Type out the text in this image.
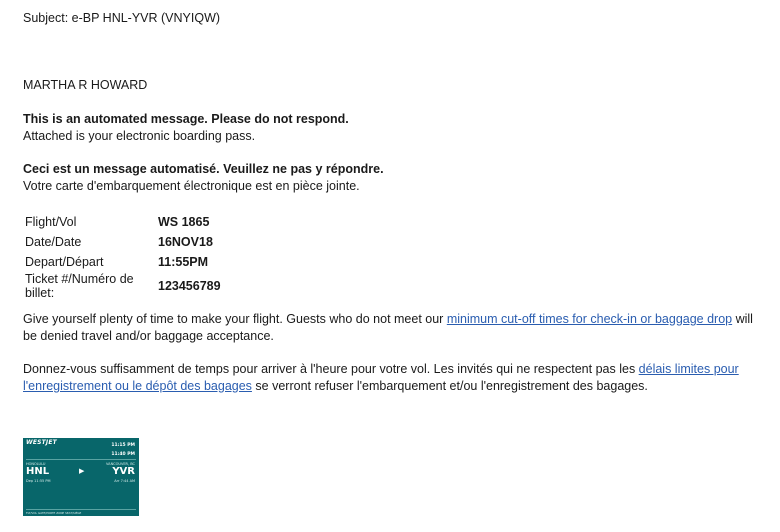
Subject: e-BP HNL-YVR (VNYIQW)
MARTHA R HOWARD
This is an automated message. Please do not respond.
Attached is your electronic boarding pass.
Ceci est un message automatisé. Veuillez ne pas y répondre.
Votre carte d'embarquement électronique est en pièce jointe.
Flight/Vol	WS 1865
Date/Date	16NOV18
Depart/Départ	11:55PM
Ticket #/Numéro de billet:	123456789
Give yourself plenty of time to make your flight. Guests who do not meet our minimum cut-off times for check-in or baggage drop will be denied travel and/or baggage acceptance.
Donnez-vous suffisamment de temps pour arriver à l'heure pour votre vol. Les invités qui ne respectent pas les délais limites pour l'enregistrement ou le dépôt des bagages se verront refuser l'embarquement et/ou l'enregistrement des bagages.
WESTJET	11:15 PM
11:40 PM
HONOLULU
HNL
Dep 11:55 PM
▶
VANCOUVER, BC
YVR
Arr 7:44 AM
FLT/VOL GATE/PORTE ZONE SEAT/SIÈGE
